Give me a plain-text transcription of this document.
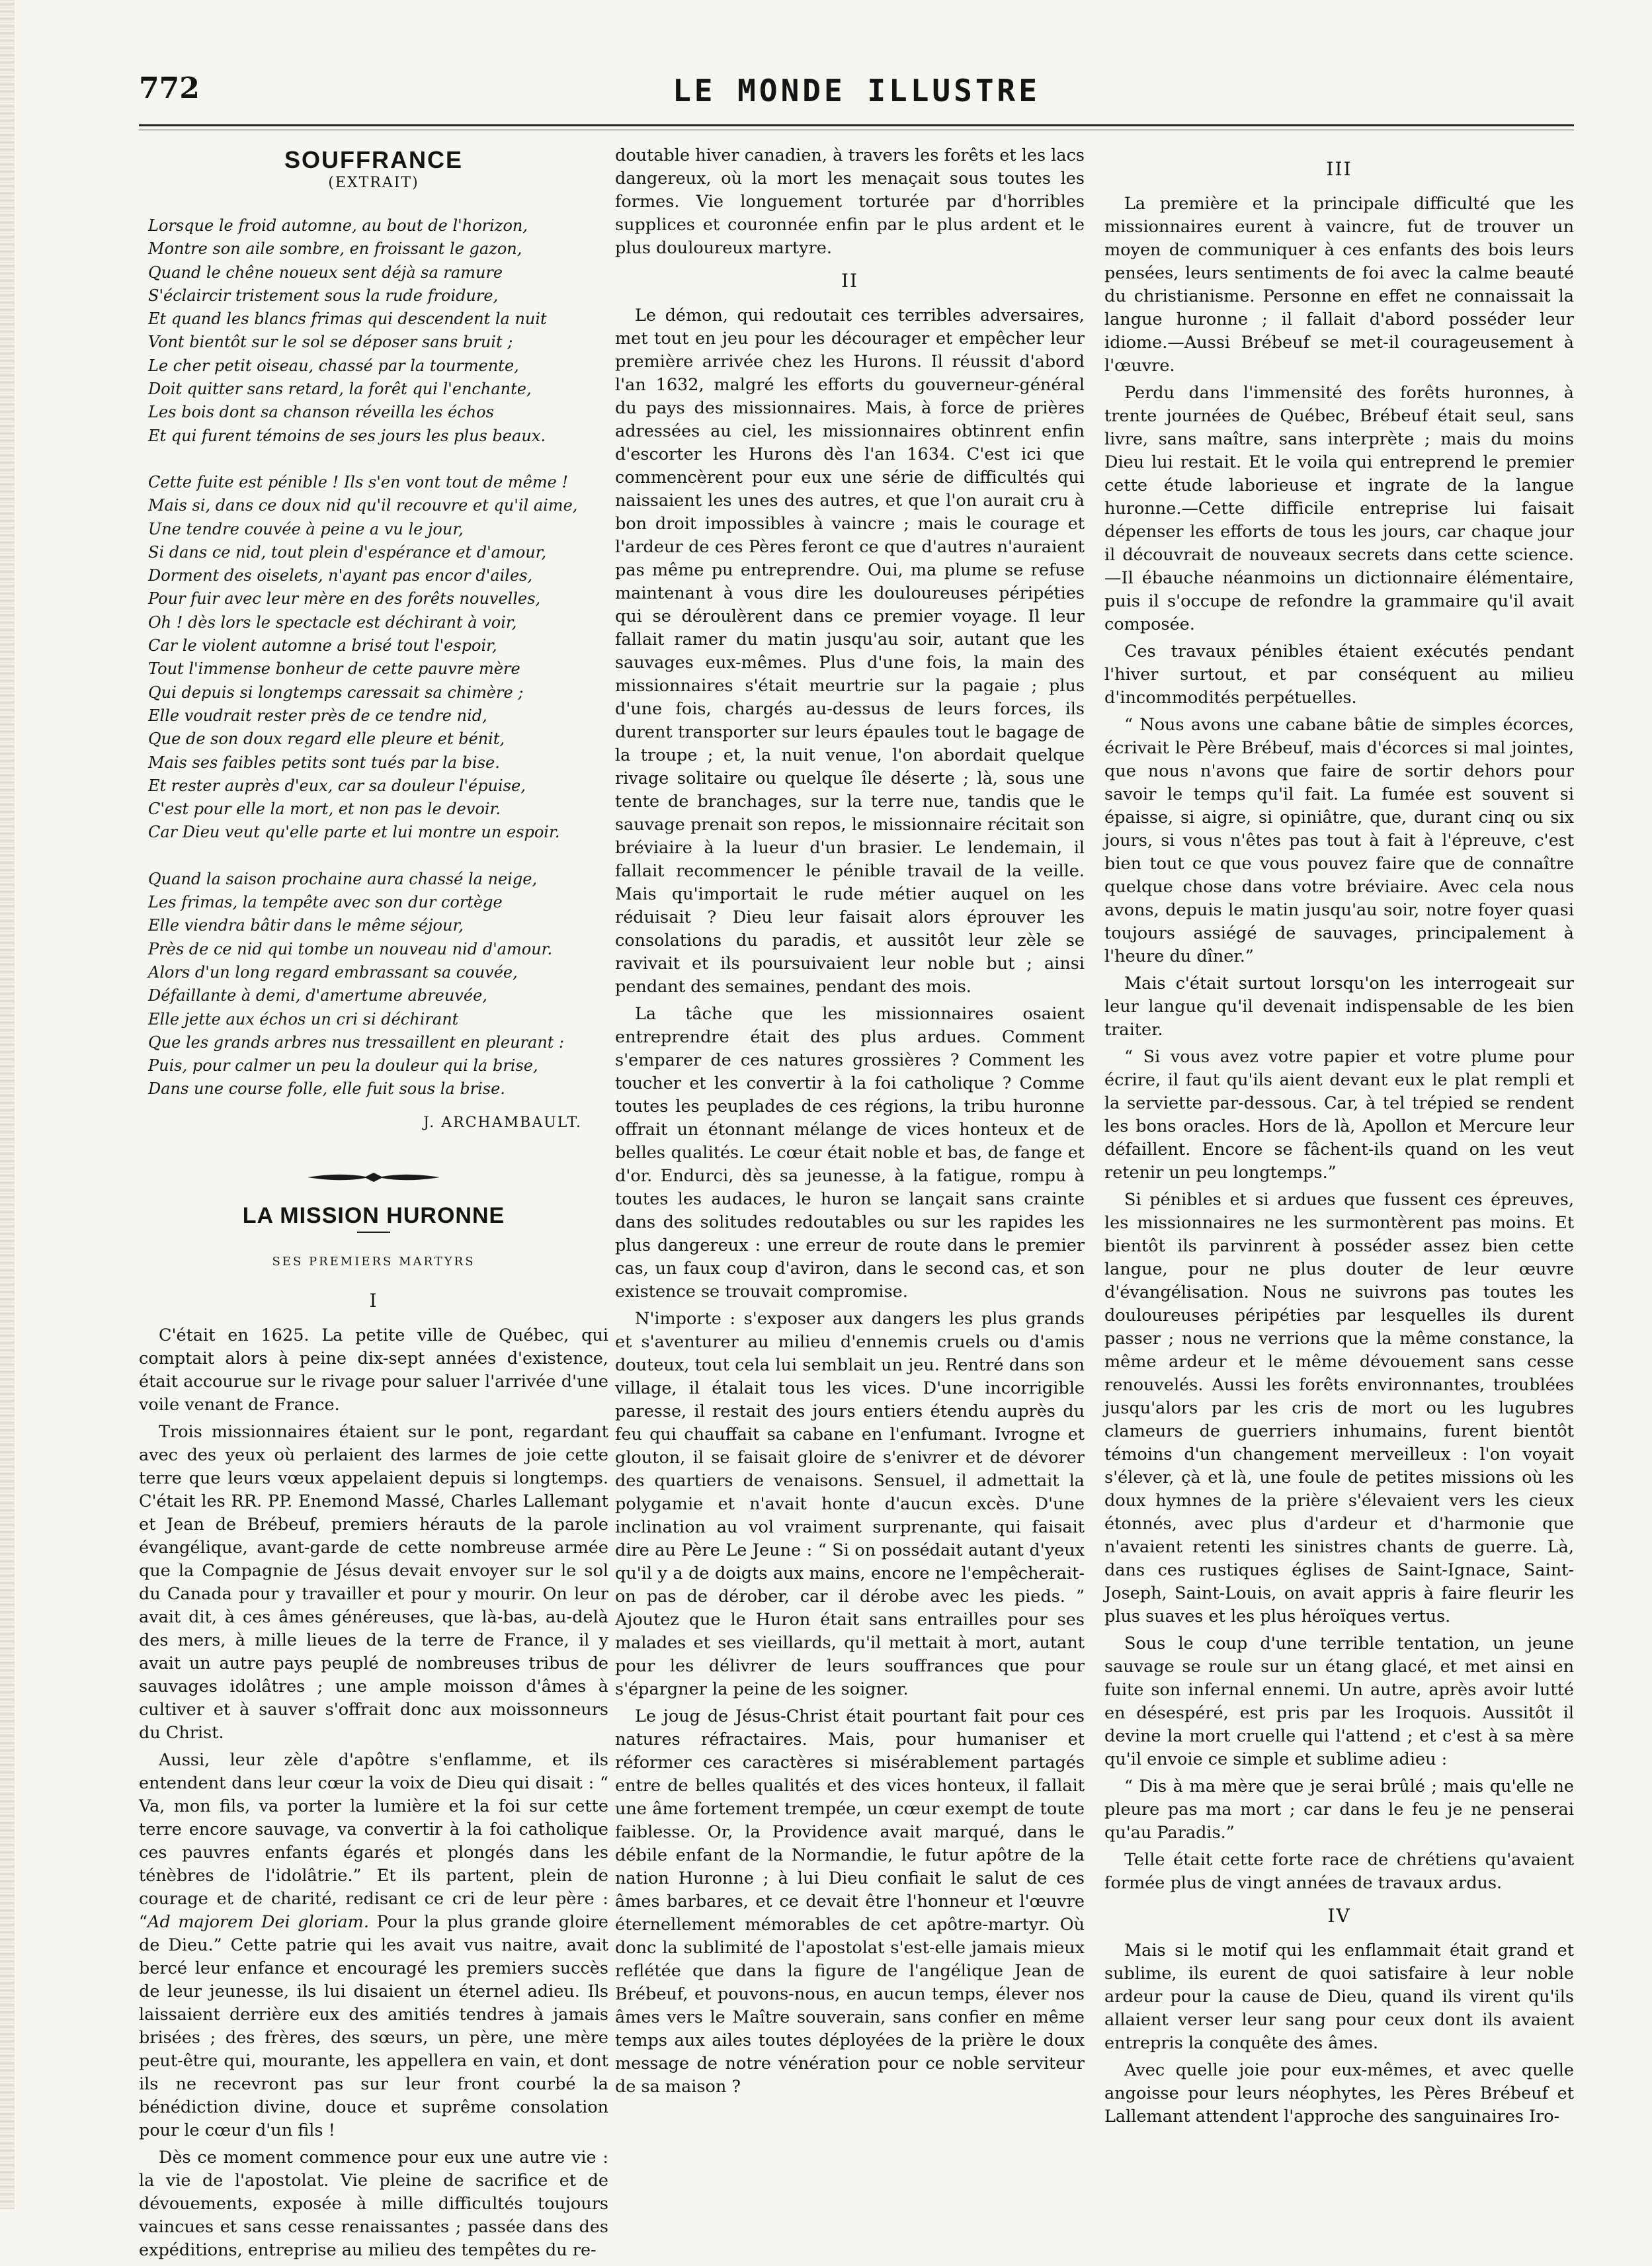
772	LE MONDE ILLUSTRE
SOUFFRANCE
(EXTRAIT)
Lorsque le froid automne, au bout de l'horizon,
Montre son aile sombre, en froissant le gazon,
Quand le chêne noueux sent déjà sa ramure
S'éclaircir tristement sous la rude froidure,
Et quand les blancs frimas qui descendent la nuit
Vont bientôt sur le sol se déposer sans bruit ;
Le cher petit oiseau, chassé par la tourmente,
Doit quitter sans retard, la forêt qui l'enchante,
Les bois dont sa chanson réveilla les échos
Et qui furent témoins de ses jours les plus beaux.
Cette fuite est pénible ! Ils s'en vont tout de même !
Mais si, dans ce doux nid qu'il recouvre et qu'il aime,
Une tendre couvée à peine a vu le jour,
Si dans ce nid, tout plein d'espérance et d'amour,
Dorment des oiselets, n'ayant pas encor d'ailes,
Pour fuir avec leur mère en des forêts nouvelles,
Oh ! dès lors le spectacle est déchirant à voir,
Car le violent automne a brisé tout l'espoir,
Tout l'immense bonheur de cette pauvre mère
Qui depuis si longtemps caressait sa chimère ;
Elle voudrait rester près de ce tendre nid,
Que de son doux regard elle pleure et bénit,
Mais ses faibles petits sont tués par la bise.
Et rester auprès d'eux, car sa douleur l'épuise,
C'est pour elle la mort, et non pas le devoir.
Car Dieu veut qu'elle parte et lui montre un espoir.
Quand la saison prochaine aura chassé la neige,
Les frimas, la tempête avec son dur cortège
Elle viendra bâtir dans le même séjour,
Près de ce nid qui tombe un nouveau nid d'amour.
Alors d'un long regard embrassant sa couvée,
Défaillante à demi, d'amertume abreuvée,
Elle jette aux échos un cri si déchirant
Que les grands arbres nus tressaillent en pleurant :
Puis, pour calmer un peu la douleur qui la brise,
Dans une course folle, elle fuit sous la brise.
J. ARCHAMBAULT.
LA MISSION HURONNE
SES PREMIERS MARTYRS
I

C'était en 1625. La petite ville de Québec, qui comptait alors à peine dix-sept années d'existence, était accourue sur le rivage pour saluer l'arrivée d'une voile venant de France.

Trois missionnaires étaient sur le pont, regardant avec des yeux où perlaient des larmes de joie cette terre que leurs vœux appelaient depuis si longtemps. C'était les RR. PP. Enemond Massé, Charles Lallemant et Jean de Brébeuf, premiers hérauts de la parole évangélique, avant-garde de cette nombreuse armée que la Compagnie de Jésus devait envoyer sur le sol du Canada pour y travailler et pour y mourir. On leur avait dit, à ces âmes généreuses, que là-bas, au-delà des mers, à mille lieues de la terre de France, il y avait un autre pays peuplé de nombreuses tribus de sauvages idolâtres ; une ample moisson d'âmes à cultiver et à sauver s'offrait donc aux moissonneurs du Christ.

Aussi, leur zèle d'apôtre s'enflamme, et ils entendent dans leur cœur la voix de Dieu qui disait : “ Va, mon fils, va porter la lumière et la foi sur cette terre encore sauvage, va convertir à la foi catholique ces pauvres enfants égarés et plongés dans les ténèbres de l'idolâtrie.” Et ils partent, plein de courage et de charité, redisant ce cri de leur père : “Ad majorem Dei gloriam. Pour la plus grande gloire de Dieu.” Cette patrie qui les avait vus naitre, avait bercé leur enfance et encouragé les premiers succès de leur jeunesse, ils lui disaient un éternel adieu. Ils laissaient derrière eux des amitiés tendres à jamais brisées ; des frères, des sœurs, un père, une mère peut-être qui, mourante, les appellera en vain, et dont ils ne recevront pas sur leur front courbé la bénédiction divine, douce et suprême consolation pour le cœur d'un fils !

Dès ce moment commence pour eux une autre vie : la vie de l'apostolat. Vie pleine de sacrifice et de dévouements, exposée à mille difficultés toujours vaincues et sans cesse renaissantes ; passée dans des expéditions, entreprise au milieu des tempêtes du re-

doutable hiver canadien, à travers les forêts et les lacs dangereux, où la mort les menaçait sous toutes les formes. Vie longuement torturée par d'horribles supplices et couronnée enfin par le plus ardent et le plus douloureux martyre.

II

Le démon, qui redoutait ces terribles adversaires, met tout en jeu pour les décourager et empêcher leur première arrivée chez les Hurons. Il réussit d'abord l'an 1632, malgré les efforts du gouverneur-général du pays des missionnaires. Mais, à force de prières adressées au ciel, les missionnaires obtinrent enfin d'escorter les Hurons dès l'an 1634. C'est ici que commencèrent pour eux une série de difficultés qui naissaient les unes des autres, et que l'on aurait cru à bon droit impossibles à vaincre ; mais le courage et l'ardeur de ces Pères feront ce que d'autres n'auraient pas même pu entreprendre. Oui, ma plume se refuse maintenant à vous dire les douloureuses péripéties qui se déroulèrent dans ce premier voyage. Il leur fallait ramer du matin jusqu'au soir, autant que les sauvages eux-mêmes. Plus d'une fois, la main des missionnaires s'était meurtrie sur la pagaie ; plus d'une fois, chargés au-dessus de leurs forces, ils durent transporter sur leurs épaules tout le bagage de la troupe ; et, la nuit venue, l'on abordait quelque rivage solitaire ou quelque île déserte ; là, sous une tente de branchages, sur la terre nue, tandis que le sauvage prenait son repos, le missionnaire récitait son bréviaire à la lueur d'un brasier. Le lendemain, il fallait recommencer le pénible travail de la veille. Mais qu'importait le rude métier auquel on les réduisait ? Dieu leur faisait alors éprouver les consolations du paradis, et aussitôt leur zèle se ravivait et ils poursuivaient leur noble but ; ainsi pendant des semaines, pendant des mois.

La tâche que les missionnaires osaient entreprendre était des plus ardues. Comment s'emparer de ces natures grossières ? Comment les toucher et les convertir à la foi catholique ? Comme toutes les peuplades de ces régions, la tribu huronne offrait un étonnant mélange de vices honteux et de belles qualités. Le cœur était noble et bas, de fange et d'or. Endurci, dès sa jeunesse, à la fatigue, rompu à toutes les audaces, le huron se lançait sans crainte dans des solitudes redoutables ou sur les rapides les plus dangereux : une erreur de route dans le premier cas, un faux coup d'aviron, dans le second cas, et son existence se trouvait compromise.

N'importe : s'exposer aux dangers les plus grands et s'aventurer au milieu d'ennemis cruels ou d'amis douteux, tout cela lui semblait un jeu. Rentré dans son village, il étalait tous les vices. D'une incorrigible paresse, il restait des jours entiers étendu auprès du feu qui chauffait sa cabane en l'enfumant. Ivrogne et glouton, il se faisait gloire de s'enivrer et de dévorer des quartiers de venaisons. Sensuel, il admettait la polygamie et n'avait honte d'aucun excès. D'une inclination au vol vraiment surprenante, qui faisait dire au Père Le Jeune : “ Si on possédait autant d'yeux qu'il y a de doigts aux mains, encore ne l'empêcherait-on pas de dérober, car il dérobe avec les pieds. ” Ajoutez que le Huron était sans entrailles pour ses malades et ses vieillards, qu'il mettait à mort, autant pour les délivrer de leurs souffrances que pour s'épargner la peine de les soigner.

Le joug de Jésus-Christ était pourtant fait pour ces natures réfractaires. Mais, pour humaniser et réformer ces caractères si misérablement partagés entre de belles qualités et des vices honteux, il fallait une âme fortement trempée, un cœur exempt de toute faiblesse. Or, la Providence avait marqué, dans le débile enfant de la Normandie, le futur apôtre de la nation Huronne ; à lui Dieu confiait le salut de ces âmes barbares, et ce devait être l'honneur et l'œuvre éternellement mémorables de cet apôtre-martyr. Où donc la sublimité de l'apostolat s'est-elle jamais mieux reflétée que dans la figure de l'angélique Jean de Brébeuf, et pouvons-nous, en aucun temps, élever nos âmes vers le Maître souverain, sans confier en même temps aux ailes toutes déployées de la prière le doux message de notre vénération pour ce noble serviteur de sa maison ?

III

La première et la principale difficulté que les missionnaires eurent à vaincre, fut de trouver un moyen de communiquer à ces enfants des bois leurs pensées, leurs sentiments de foi avec la calme beauté du christianisme. Personne en effet ne connaissait la langue huronne ; il fallait d'abord posséder leur idiome.—Aussi Brébeuf se met-il courageusement à l'œuvre.

Perdu dans l'immensité des forêts huronnes, à trente journées de Québec, Brébeuf était seul, sans livre, sans maître, sans interprète ; mais du moins Dieu lui restait. Et le voila qui entreprend le premier cette étude laborieuse et ingrate de la langue huronne.—Cette difficile entreprise lui faisait dépenser les efforts de tous les jours, car chaque jour il découvrait de nouveaux secrets dans cette science.—Il ébauche néanmoins un dictionnaire élémentaire, puis il s'occupe de refondre la grammaire qu'il avait composée.

Ces travaux pénibles étaient exécutés pendant l'hiver surtout, et par conséquent au milieu d'incommodités perpétuelles.

“ Nous avons une cabane bâtie de simples écorces, écrivait le Père Brébeuf, mais d'écorces si mal jointes, que nous n'avons que faire de sortir dehors pour savoir le temps qu'il fait. La fumée est souvent si épaisse, si aigre, si opiniâtre, que, durant cinq ou six jours, si vous n'êtes pas tout à fait à l'épreuve, c'est bien tout ce que vous pouvez faire que de connaître quelque chose dans votre bréviaire. Avec cela nous avons, depuis le matin jusqu'au soir, notre foyer quasi toujours assiégé de sauvages, principalement à l'heure du dîner.”

Mais c'était surtout lorsqu'on les interrogeait sur leur langue qu'il devenait indispensable de les bien traiter.

“ Si vous avez votre papier et votre plume pour écrire, il faut qu'ils aient devant eux le plat rempli et la serviette par-dessous. Car, à tel trépied se rendent les bons oracles. Hors de là, Apollon et Mercure leur défaillent. Encore se fâchent-ils quand on les veut retenir un peu longtemps.”

Si pénibles et si ardues que fussent ces épreuves, les missionnaires ne les surmontèrent pas moins. Et bientôt ils parvinrent à posséder assez bien cette langue, pour ne plus douter de leur œuvre d'évangélisation. Nous ne suivrons pas toutes les douloureuses péripéties par lesquelles ils durent passer ; nous ne verrions que la même constance, la même ardeur et le même dévouement sans cesse renouvelés. Aussi les forêts environnantes, troublées jusqu'alors par les cris de mort ou les lugubres clameurs de guerriers inhumains, furent bientôt témoins d'un changement merveilleux : l'on voyait s'élever, çà et là, une foule de petites missions où les doux hymnes de la prière s'élevaient vers les cieux étonnés, avec plus d'ardeur et d'harmonie que n'avaient retenti les sinistres chants de guerre. Là, dans ces rustiques églises de Saint-Ignace, Saint-Joseph, Saint-Louis, on avait appris à faire fleurir les plus suaves et les plus héroïques vertus.

Sous le coup d'une terrible tentation, un jeune sauvage se roule sur un étang glacé, et met ainsi en fuite son infernal ennemi. Un autre, après avoir lutté en désespéré, est pris par les Iroquois. Aussitôt il devine la mort cruelle qui l'attend ; et c'est à sa mère qu'il envoie ce simple et sublime adieu :

“ Dis à ma mère que je serai brûlé ; mais qu'elle ne pleure pas ma mort ; car dans le feu je ne penserai qu'au Paradis.”

Telle était cette forte race de chrétiens qu'avaient formée plus de vingt années de travaux ardus.

IV

Mais si le motif qui les enflammait était grand et sublime, ils eurent de quoi satisfaire à leur noble ardeur pour la cause de Dieu, quand ils virent qu'ils allaient verser leur sang pour ceux dont ils avaient entrepris la conquête des âmes.

Avec quelle joie pour eux-mêmes, et avec quelle angoisse pour leurs néophytes, les Pères Brébeuf et Lallemant attendent l'approche des sanguinaires Iro-
